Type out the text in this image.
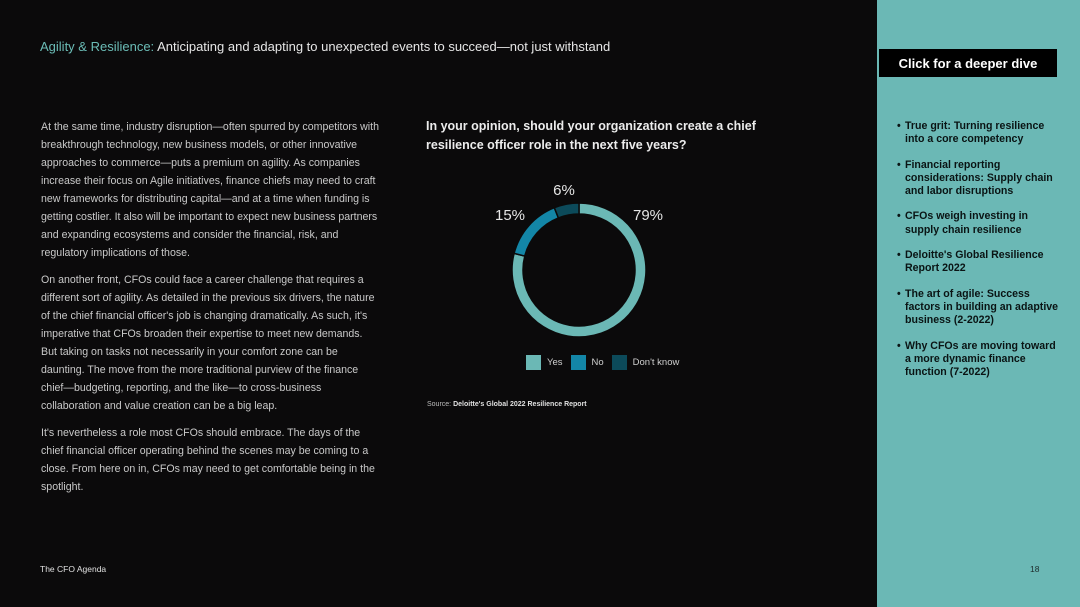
Agility & Resilience: Anticipating and adapting to unexpected events to succeed—not just withstand

At the same time, industry disruption—often spurred by competitors with breakthrough technology, new business models, or other innovative approaches to commerce—puts a premium on agility. As companies increase their focus on Agile initiatives, finance chiefs may need to craft new frameworks for distributing capital—and at a time when funding is getting costlier. It also will be important to expect new business partners and expanding ecosystems and consider the financial, risk, and regulatory implications of those.

On another front, CFOs could face a career challenge that requires a different sort of agility. As detailed in the previous six drivers, the nature of the chief financial officer's job is changing dramatically. As such, it's imperative that CFOs broaden their expertise to meet new demands. But taking on tasks not necessarily in your comfort zone can be daunting. The move from the more traditional purview of the finance chief—budgeting, reporting, and the like—to cross-business collaboration and value creation can be a big leap.

It's nevertheless a role most CFOs should embrace. The days of the chief financial officer operating behind the scenes may be coming to a close. From here on in, CFOs may need to get comfortable being in the spotlight.

In your opinion, should your organization create a chief resilience officer role in the next five years?
79%
15%
6%
Yes	No	Don't know
Source: Deloitte's Global 2022 Resilience Report
The CFO Agenda	18
Click for a deeper dive
• True grit: Turning resilience into a core competency
• Financial reporting considerations: Supply chain and labor disruptions
• CFOs weigh investing in supply chain resilience
• Deloitte's Global Resilience Report 2022
• The art of agile: Success factors in building an adaptive business (2-2022)
• Why CFOs are moving toward a more dynamic finance function (7-2022)
